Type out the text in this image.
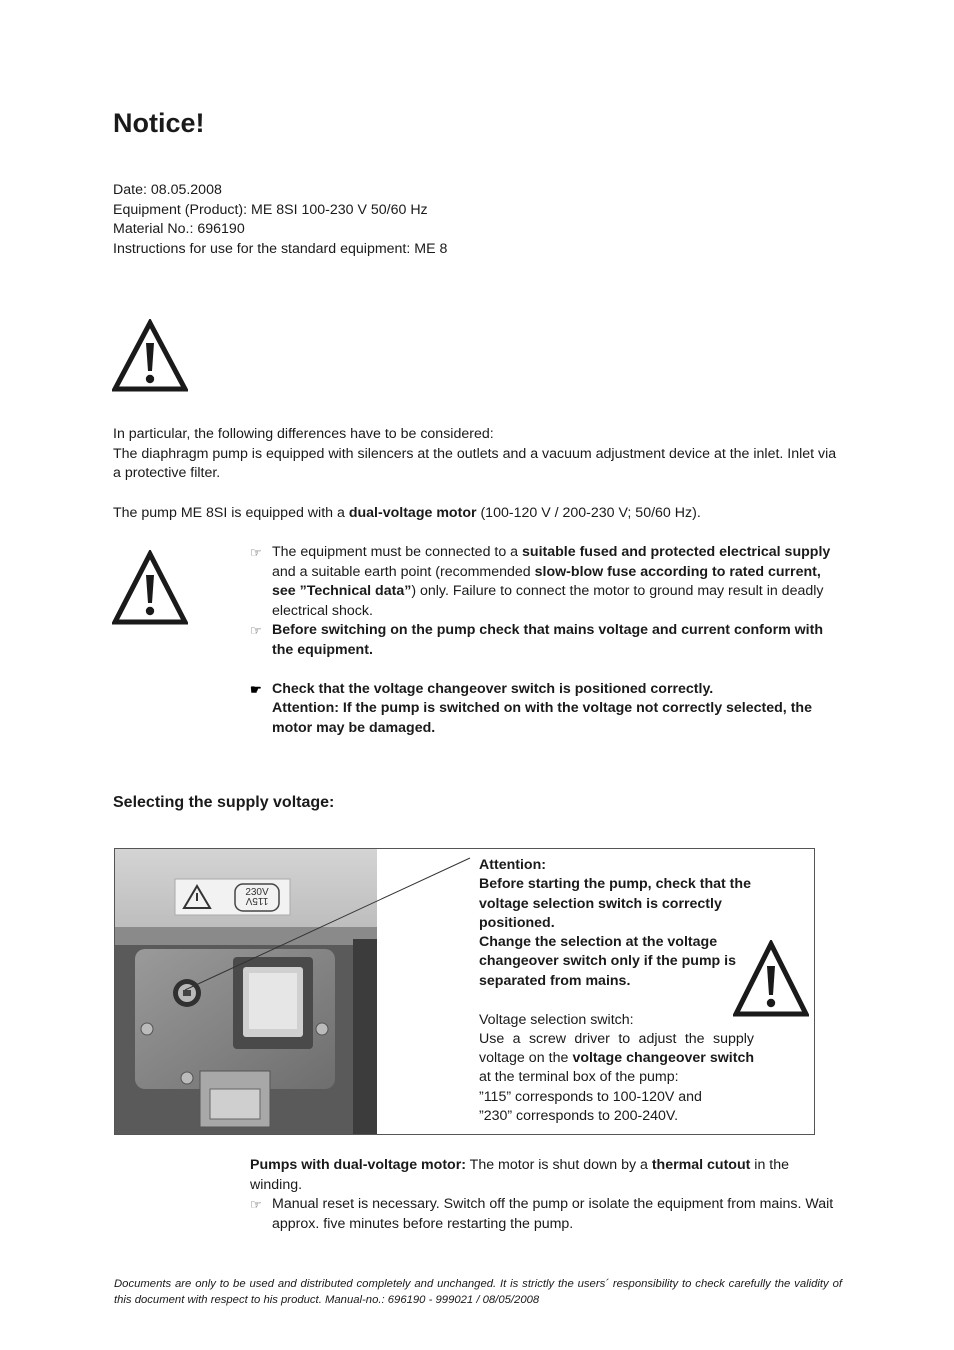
Notice!
Date: 08.05.2008
Equipment (Product): ME 8SI 100-230 V 50/60 Hz
Material No.: 696190
Instructions for use for the standard equipment: ME 8
In particular, the following differences have to be considered:
The diaphragm pump is equipped with silencers at the outlets and a vacuum adjustment device at the inlet. Inlet via a protective filter.
The pump ME 8SI is equipped with a dual-voltage motor (100-120 V / 200-230 V; 50/60 Hz).
☞ The equipment must be connected to a suitable fused and protected electrical supply and a suitable earth point (recommended slow-blow fuse according to rated current, see ”Technical data”) only. Failure to connect the motor to ground may result in deadly electrical shock.
☞ Before switching on the pump check that mains voltage and current conform with the equipment.
☛ Check that the voltage changeover switch is positioned correctly.
Attention: If the pump is switched on with the voltage not correctly selected, the motor may be damaged.
Selecting the supply voltage:
230V
115V
Attention:
Before starting the pump, check that the voltage selection switch is correctly positioned.
Change the selection at the voltage changeover switch only if the pump is separated from mains.
Voltage selection switch:
Use a screw driver to adjust the supply voltage on the voltage changeover switch at the terminal box of the pump:
”115” corresponds to 100-120V and
”230” corresponds to 200-240V.
Pumps with dual-voltage motor: The motor is shut down by a thermal cutout in the winding.
☞ Manual reset is necessary. Switch off the pump or isolate the equipment from mains. Wait approx. five minutes before restarting the pump.
Documents are only to be used and distributed completely and unchanged. It is strictly the users´ responsibility to check carefully the validity of this document with respect to his product. Manual-no.: 696190 - 999021 / 08/05/2008
